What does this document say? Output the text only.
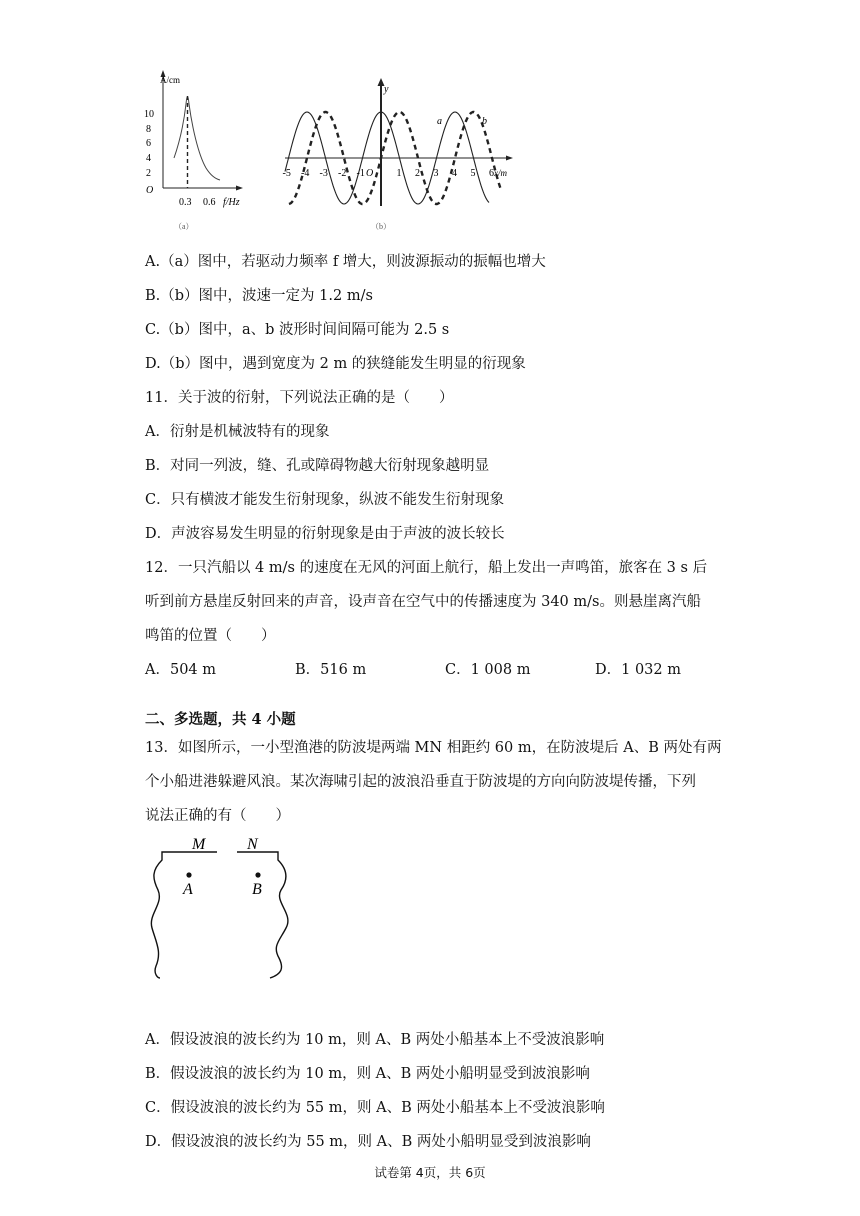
A/cm
10
8
6
4
2
O
0.3 0.6 f/Hz
（a）
y
a	b
-5 -4 -3 -2 -1	1 2 3 4 5 6
O	x/m
（b）
A.（a）图中，若驱动力频率 f 增大，则波源振动的振幅也增大
B.（b）图中，波速一定为 1.2 m/s
C.（b）图中，a、b 波形时间间隔可能为 2.5 s
D.（b）图中，遇到宽度为 2 m 的狭缝能发生明显的衍现象
11．关于波的衍射，下列说法正确的是（　　）
A．衍射是机械波特有的现象
B．对同一列波，缝、孔或障碍物越大衍射现象越明显
C．只有横波才能发生衍射现象，纵波不能发生衍射现象
D．声波容易发生明显的衍射现象是由于声波的波长较长
12．一只汽船以 4 m/s 的速度在无风的河面上航行，船上发出一声鸣笛，旅客在 3 s 后
听到前方悬崖反射回来的声音，设声音在空气中的传播速度为 340 m/s。则悬崖离汽船
鸣笛的位置（　　）
A．504 m	B．516 m	C．1 008 m	D．1 032 m
二、多选题，共 4 小题
13．如图所示，一小型渔港的防波堤两端 MN 相距约 60 m，在防波堤后 A、B 两处有两
个小船进港躲避风浪。某次海啸引起的波浪沿垂直于防波堤的方向向防波堤传播，下列
说法正确的有（　　）
M	N
A	B
A．假设波浪的波长约为 10 m，则 A、B 两处小船基本上不受波浪影响
B．假设波浪的波长约为 10 m，则 A、B 两处小船明显受到波浪影响
C．假设波浪的波长约为 55 m，则 A、B 两处小船基本上不受波浪影响
D．假设波浪的波长约为 55 m，则 A、B 两处小船明显受到波浪影响
试卷第 4页，共 6页
